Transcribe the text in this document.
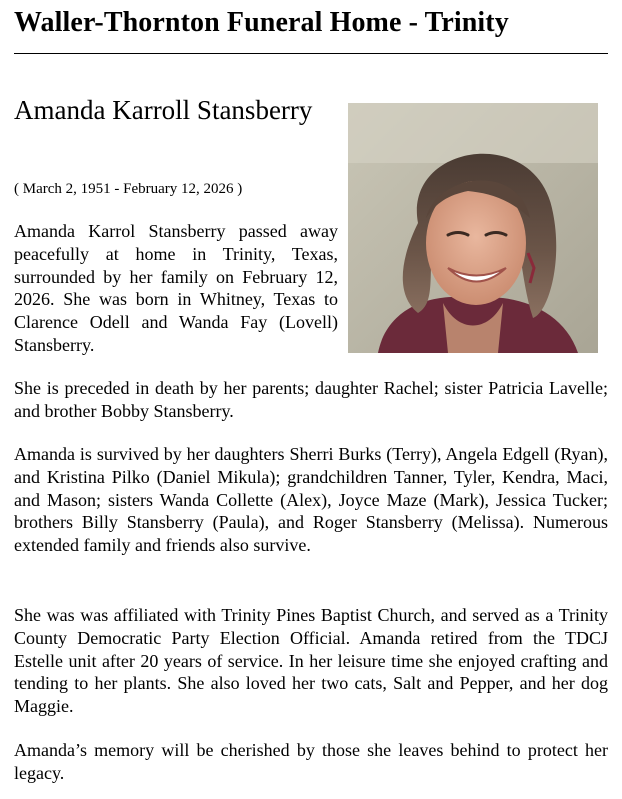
Waller-Thornton Funeral Home - Trinity
Amanda Karroll Stansberry

( March 2, 1951 - February 12, 2026 )

Amanda Karrol Stansberry passed away peacefully at home in Trinity, Texas, surrounded by her family on February 12, 2026. She was born in Whitney, Texas to Clarence Odell and Wanda Fay (Lovell) Stansberry.

She is preceded in death by her parents; daughter Rachel; sister Patricia Lavelle; and brother Bobby Stansberry.

Amanda is survived by her daughters Sherri Burks (Terry), Angela Edgell (Ryan), and Kristina Pilko (Daniel Mikula); grandchildren Tanner, Tyler, Kendra, Maci, and Mason; sisters Wanda Collette (Alex), Joyce Maze (Mark), Jessica Tucker; brothers Billy Stansberry (Paula), and Roger Stansberry (Melissa). Numerous extended family and friends also survive.

She was was affiliated with Trinity Pines Baptist Church, and served as a Trinity County Democratic Party Election Official. Amanda retired from the TDCJ Estelle unit after 20 years of service. In her leisure time she enjoyed crafting and tending to her plants. She also loved her two cats, Salt and Pepper, and her dog Maggie.

Amanda’s memory will be cherished by those she leaves behind to protect her legacy.
